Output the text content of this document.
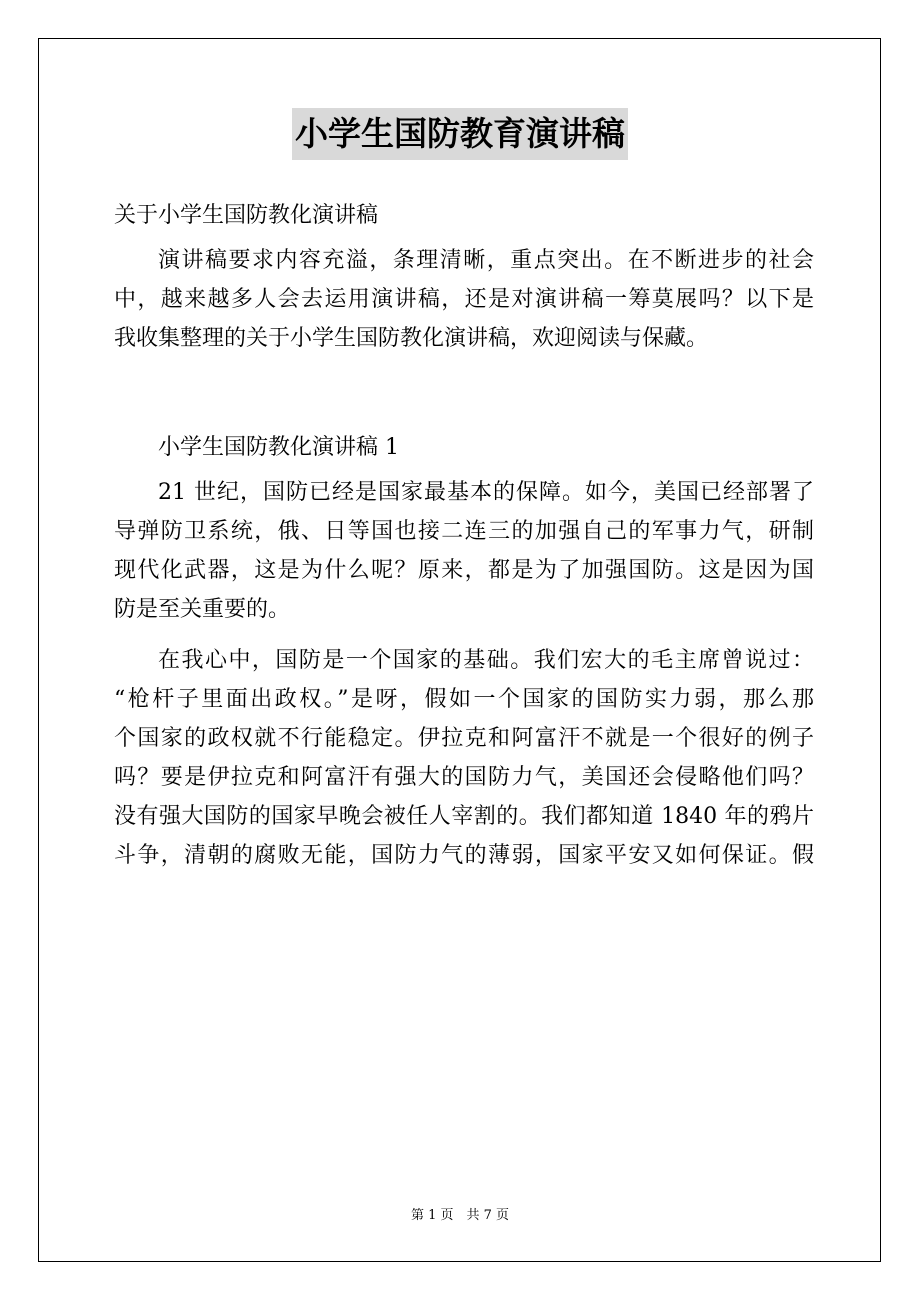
小学生国防教育演讲稿
关于小学生国防教化演讲稿
演讲稿要求内容充溢，条理清晰，重点突出。在不断进步的社会
中，越来越多人会去运用演讲稿，还是对演讲稿一筹莫展吗？以下是
我收集整理的关于小学生国防教化演讲稿，欢迎阅读与保藏。
小学生国防教化演讲稿 1
21 世纪，国防已经是国家最基本的保障。如今，美国已经部署了
导弹防卫系统，俄、日等国也接二连三的加强自己的军事力气，研制
现代化武器，这是为什么呢？原来，都是为了加强国防。这是因为国
防是至关重要的。
在我心中，国防是一个国家的基础。我们宏大的毛主席曾说过：
“枪杆子里面出政权。”是呀，假如一个国家的国防实力弱，那么那
个国家的政权就不行能稳定。伊拉克和阿富汗不就是一个很好的例子
吗？要是伊拉克和阿富汗有强大的国防力气，美国还会侵略他们吗？
没有强大国防的国家早晚会被任人宰割的。我们都知道 1840 年的鸦片
斗争，清朝的腐败无能，国防力气的薄弱，国家平安又如何保证。假
第 1 页　共 7 页
